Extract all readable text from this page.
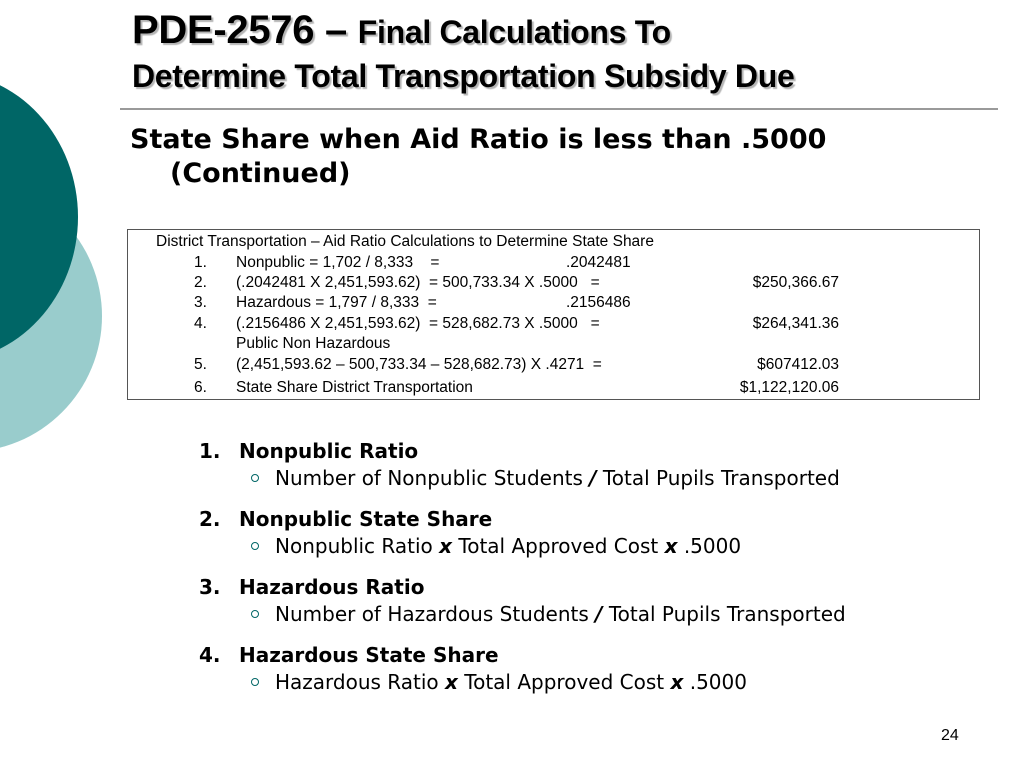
PDE-2576 – Final Calculations To
Determine Total Transportation Subsidy Due
State Share when Aid Ratio is less than .5000
(Continued)
District Transportation – Aid Ratio Calculations to Determine State Share
1. Nonpublic = 1,702 / 8,333    =	.2042481
2. (.2042481 X 2,451,593.62)  = 500,733.34 X .5000   =	$250,366.67
3. Hazardous = 1,797 / 8,333  =	.2156486
4. (.2156486 X 2,451,593.62)  = 528,682.73 X .5000   =	$264,341.36
Public Non Hazardous
5. (2,451,593.62 – 500,733.34 – 528,682.73) X .4271  =	$607412.03
6. State Share District Transportation	$1,122,120.06
1. Nonpublic Ratio
Number of Nonpublic Students / Total Pupils Transported
2. Nonpublic State Share
Nonpublic Ratio x Total Approved Cost x .5000
3. Hazardous Ratio
Number of Hazardous Students / Total Pupils Transported
4. Hazardous State Share
Hazardous Ratio x Total Approved Cost x .5000
24
